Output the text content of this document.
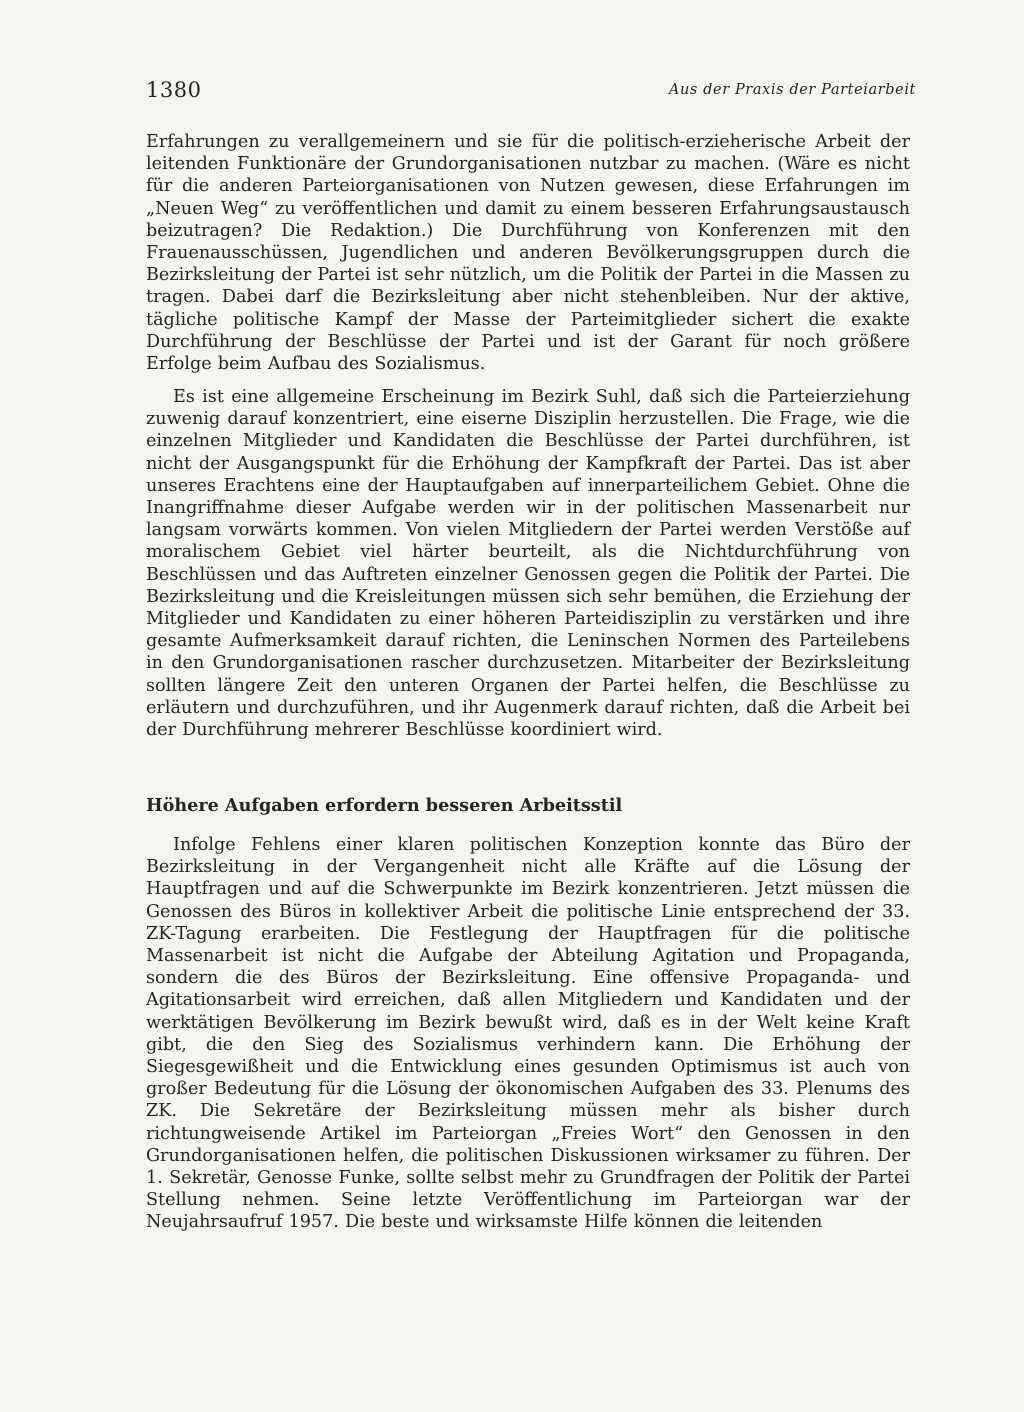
1380	Aus der Praxis der Parteiarbeit

Erfahrungen zu verallgemeinern und sie für die politisch-erzieherische Arbeit der leitenden Funktionäre der Grundorganisationen nutzbar zu machen. (Wäre es nicht für die anderen Parteiorganisationen von Nutzen gewesen, diese Erfahrungen im „Neuen Weg“ zu veröffentlichen und damit zu einem besseren Erfahrungsaustausch beizutragen? Die Redaktion.) Die Durchführung von Konferenzen mit den Frauenausschüssen, Jugendlichen und anderen Bevölkerungsgruppen durch die Bezirksleitung der Partei ist sehr nützlich, um die Politik der Partei in die Massen zu tragen. Dabei darf die Bezirksleitung aber nicht stehenbleiben. Nur der aktive, tägliche politische Kampf der Masse der Parteimitglieder sichert die exakte Durchführung der Beschlüsse der Partei und ist der Garant für noch größere Erfolge beim Aufbau des Sozialismus.

Es ist eine allgemeine Erscheinung im Bezirk Suhl, daß sich die Parteierziehung zuwenig darauf konzentriert, eine eiserne Disziplin herzustellen. Die Frage, wie die einzelnen Mitglieder und Kandidaten die Beschlüsse der Partei durchführen, ist nicht der Ausgangspunkt für die Erhöhung der Kampfkraft der Partei. Das ist aber unseres Erachtens eine der Hauptaufgaben auf innerparteilichem Gebiet. Ohne die Inangriffnahme dieser Aufgabe werden wir in der politischen Massenarbeit nur langsam vorwärts kommen. Von vielen Mitgliedern der Partei werden Verstöße auf moralischem Gebiet viel härter beurteilt, als die Nichtdurchführung von Beschlüssen und das Auftreten einzelner Genossen gegen die Politik der Partei. Die Bezirksleitung und die Kreisleitungen müssen sich sehr bemühen, die Erziehung der Mitglieder und Kandidaten zu einer höheren Parteidisziplin zu verstärken und ihre gesamte Aufmerksamkeit darauf richten, die Leninschen Normen des Parteilebens in den Grundorganisationen rascher durchzusetzen. Mitarbeiter der Bezirksleitung sollten längere Zeit den unteren Organen der Partei helfen, die Beschlüsse zu erläutern und durchzuführen, und ihr Augenmerk darauf richten, daß die Arbeit bei der Durchführung mehrerer Beschlüsse koordiniert wird.

Höhere Aufgaben erfordern besseren Arbeitsstil

Infolge Fehlens einer klaren politischen Konzeption konnte das Büro der Bezirksleitung in der Vergangenheit nicht alle Kräfte auf die Lösung der Hauptfragen und auf die Schwerpunkte im Bezirk konzentrieren. Jetzt müssen die Genossen des Büros in kollektiver Arbeit die politische Linie entsprechend der 33. ZK-Tagung erarbeiten. Die Festlegung der Hauptfragen für die politische Massenarbeit ist nicht die Aufgabe der Abteilung Agitation und Propaganda, sondern die des Büros der Bezirksleitung. Eine offensive Propaganda- und Agitationsarbeit wird erreichen, daß allen Mitgliedern und Kandidaten und der werktätigen Bevölkerung im Bezirk bewußt wird, daß es in der Welt keine Kraft gibt, die den Sieg des Sozialismus verhindern kann. Die Erhöhung der Siegesgewißheit und die Entwicklung eines gesunden Optimismus ist auch von großer Bedeutung für die Lösung der ökonomischen Aufgaben des 33. Plenums des ZK. Die Sekretäre der Bezirksleitung müssen mehr als bisher durch richtungweisende Artikel im Parteiorgan „Freies Wort“ den Genossen in den Grundorganisationen helfen, die politischen Diskussionen wirksamer zu führen. Der 1. Sekretär, Genosse Funke, sollte selbst mehr zu Grundfragen der Politik der Partei Stellung nehmen. Seine letzte Veröffentlichung im Parteiorgan war der Neujahrsaufruf 1957. Die beste und wirksamste Hilfe können die leitenden
